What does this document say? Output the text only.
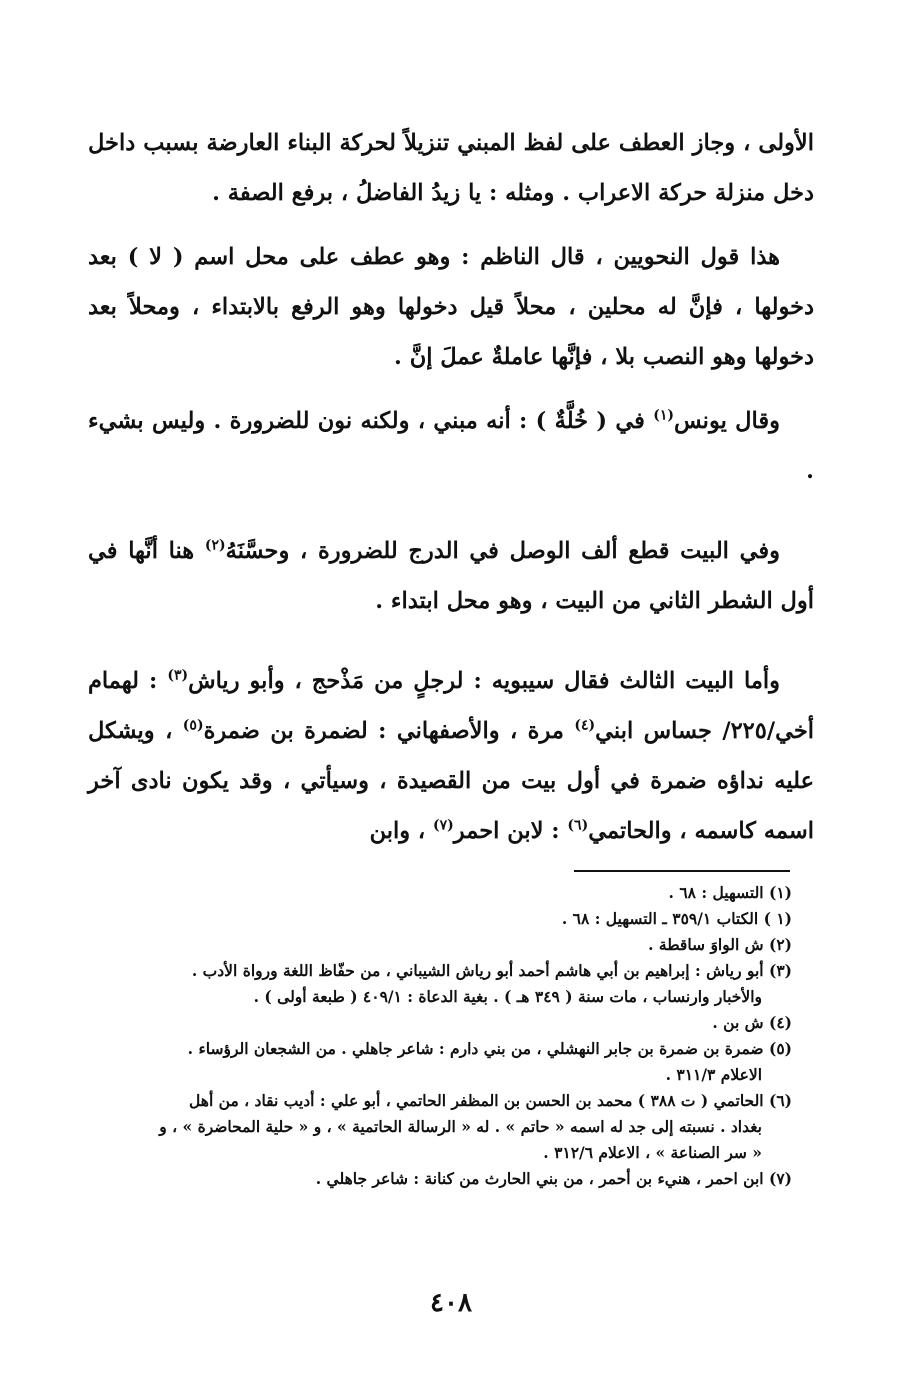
الأولى ، وجاز العطف على لفظ المبني تنزيلاً لحركة البناء العارضة بسبب داخل دخل منزلة حركة الاعراب . ومثله : يا زيدُ الفاضلُ ، برفع الصفة .

هذا قول النحويين ، قال الناظم : وهو عطف على محل اسم ( لا ) بعد دخولها ، فإنَّ له محلين ، محلاً قيل دخولها وهو الرفع بالابتداء ، ومحلاً بعد دخولها وهو النصب بلا ، فإنَّها عاملةٌ عملَ إنَّ .

وقال يونس$^{(١)}$ في ( خُلَّةٌ ) : أنه مبني ، ولكنه نون للضرورة . وليس بشيء .

وفي البيت قطع ألف الوصل في الدرج للضرورة ، وحسَّنَهُ$^{(٢)}$ هنا أنَّها في أول الشطر الثاني من البيت ، وهو محل ابتداء .

وأما البيت الثالث فقال سيبويه : لرجلٍ من مَذْحج ، وأبو رياش$^{(٣)}$ : لهمام أخي/٢٢٥/ جساس ابني$^{(٤)}$ مرة ، والأصفهاني : لضمرة بن ضمرة$^{(٥)}$ ، ويشكل عليه نداؤه ضمرة في أول بيت من القصيدة ، وسيأتي ، وقد يكون نادى آخر اسمه كاسمه ، والحاتمي$^{(٦)}$ : لابن احمر$^{(٧)}$ ، وابن

(١) التسهيل : ٦٨ .

(١ ) الكتاب ٣٥٩/١ ـ التسهيل : ٦٨ .

(٢) ش الواوَ ساقطة .

(٣) أبو رياش : إبراهيم بن أبي هاشم أحمد أبو رياش الشيباني ، من حفّاظ اللغة ورواة الأدب .

والأخبار وارنساب ، مات سنة ( ٣٤٩ هـ ) . بغية الدعاة : ٤٠٩/١ ( طبعة أولى ) .

(٤) ش بن .

(٥) ضمرة بن ضمرة بن جابر النهشلي ، من بني دارم : شاعر جاهلي . من الشجعان الرؤساء .

الاعلام ٣١١/٣ .

(٦) الحاتمي ( ت ٣٨٨ ) محمد بن الحسن بن المظفر الحاتمي ، أبو علي : أديب نقاد ، من أهل

بغداد . نسبته إلى جد له اسمه « حاتم » . له « الرسالة الحاتمية » ، و « حلية المحاضرة » ، و

« سر الصناعة » ، الاعلام ٣١٢/٦ .

(٧) ابن احمر ، هنيء بن أحمر ، من بني الحارث من كنانة : شاعر جاهلي .

٤٠٨
